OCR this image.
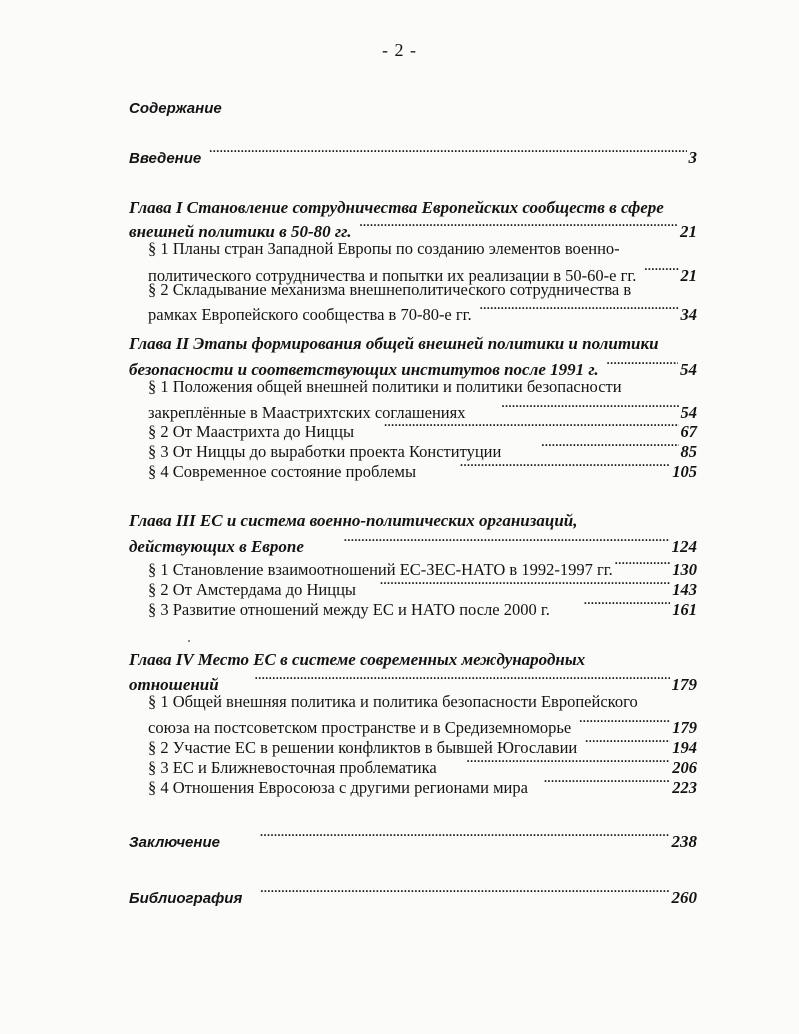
- 2 -
Содержание
Введение .....	3
Глава I Становление сотрудничества Европейских сообществ в сфере
внешней политики в 50-80 гг. .....	21
§ 1 Планы стран Западной Европы по созданию элементов военно-
политического сотрудничества и попытки их реализации в 50-60-е гг. .....	21
§ 2 Складывание механизма внешнеполитического сотрудничества в
рамках Европейского сообщества в 70-80-е гг. .....	34
Глава II Этапы формирования общей внешней политики и политики
безопасности и соответствующих институтов после 1991 г. .....	54
§ 1 Положения общей внешней политики и политики безопасности
закреплённые в Маастрихтских соглашениях .....	54
§ 2 От Маастрихта до Ниццы .....	67
§ 3 От Ниццы до выработки проекта Конституции .....	85
§ 4 Современное состояние проблемы .....	105
Глава III ЕС и система военно-политических организаций,
действующих в Европе .....	124
§ 1 Становление взаимоотношений ЕС-ЗЕС-НАТО в 1992-1997 гг. .....	130
§ 2 От Амстердама до Ниццы .....	143
§ 3 Развитие отношений между ЕС и НАТО после 2000 г. .....	161
Глава IV Место ЕС в системе современных международных
отношений .....	179
§ 1 Общей внешняя политика и политика безопасности Европейского
союза на постсоветском пространстве и в Средиземноморье .....	179
§ 2 Участие ЕС в решении конфликтов в бывшей Югославии .....	194
§ 3 ЕС и Ближневосточная проблематика .....	206
§ 4 Отношения Евросоюза с другими регионами мира .....	223
Заключение .....	238
Библиография .....	260
